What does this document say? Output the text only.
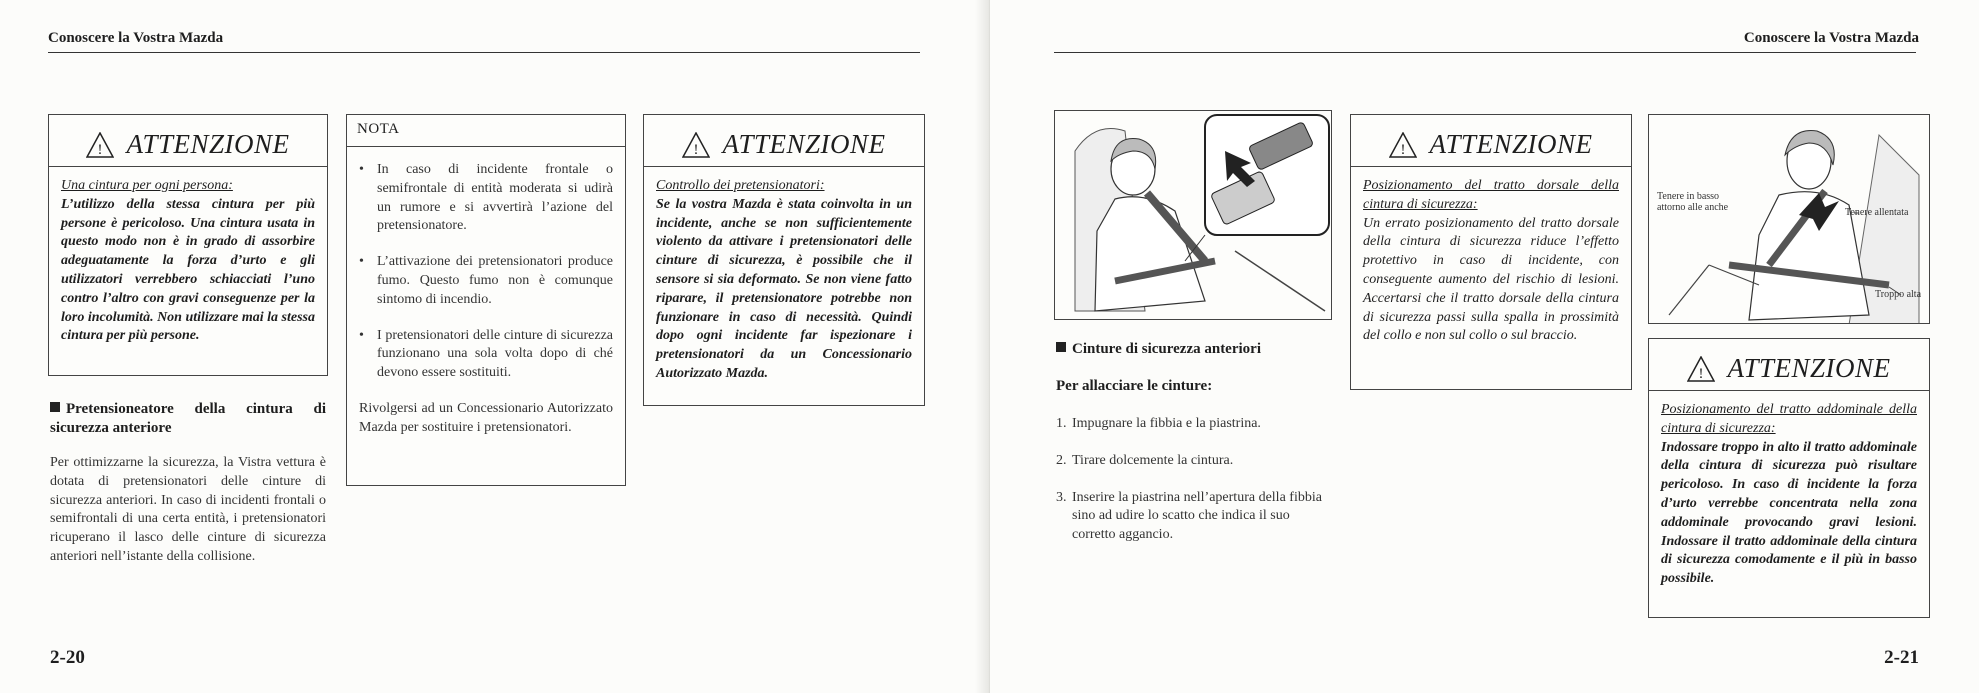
Conoscere la Vostra Mazda
! ATTENZIONE
Una cintura per ogni persona:
L’utilizzo della stessa cintura per più persone è pericoloso. Una cintura usata in questo modo non è in grado di assorbire adeguatamente la forza d’urto e gli utilizzatori verrebbero schiacciati l’uno contro l’altro con gravi conseguenze per la loro incolumità. Non utilizzare mai la stessa cintura per più persone.
Pretensioneatore della cintura di sicurezza anteriore
Per ottimizzarne la sicurezza, la Vistra vettura è dotata di pretensionatori delle cinture di sicurezza anteriori. In caso di incidenti frontali o semifrontali di una certa entità, i pretensionatori ricuperano il lasco delle cinture di sicurezza anteriori nell’istante della collisione.
NOTA
• In caso di incidente frontale o semifrontale di entità moderata si udirà un rumore e si avvertirà l’azione del pretensionatore.
• L’attivazione dei pretensionatori produce fumo. Questo fumo non è comunque sintomo di incendio.
• I pretensionatori delle cinture di sicurezza funzionano una sola volta dopo di ché devono essere sostituiti.
Rivolgersi ad un Concessionario Autorizzato Mazda per sostituire i pretensionatori.
! ATTENZIONE
Controllo dei pretensionatori:
Se la vostra Mazda è stata coinvolta in un incidente, anche se non sufficientemente violento da attivare i pretensionatori delle cinture di sicurezza, è possibile che il sensore si sia deformato. Se non viene fatto riparare, il pretensionatore potrebbe non funzionare in caso di necessità. Quindi dopo ogni incidente far ispezionare i pretensionatori da un Concessionario Autorizzato Mazda.
2-20
Conoscere la Vostra Mazda
Cinture di sicurezza anteriori
Per allacciare le cinture:
1. Impugnare la fibbia e la piastrina.
2. Tirare dolcemente la cintura.
3. Inserire la piastrina nell’apertura della fibbia sino ad udire lo scatto che indica il suo corretto aggancio.
! ATTENZIONE
Posizionamento del tratto dorsale della cintura di sicurezza:
Un errato posizionamento del tratto dorsale della cintura di sicurezza riduce l’effetto protettivo in caso di incidente, con conseguente aumento del rischio di lesioni. Accertarsi che il tratto dorsale della cintura di sicurezza passi sulla spalla in prossimità del collo e non sul collo o sul braccio.
Tenere in basso attorno alle anche	Tenere allentata
Troppo alta
! ATTENZIONE
Posizionamento del tratto addominale della cintura di sicurezza:
Indossare troppo in alto il tratto addominale della cintura di sicurezza può risultare pericoloso. In caso di incidente la forza d’urto verrebbe concentrata nella zona addominale provocando gravi lesioni. Indossare il tratto addominale della cintura di sicurezza comodamente e il più in basso possibile.
2-21
